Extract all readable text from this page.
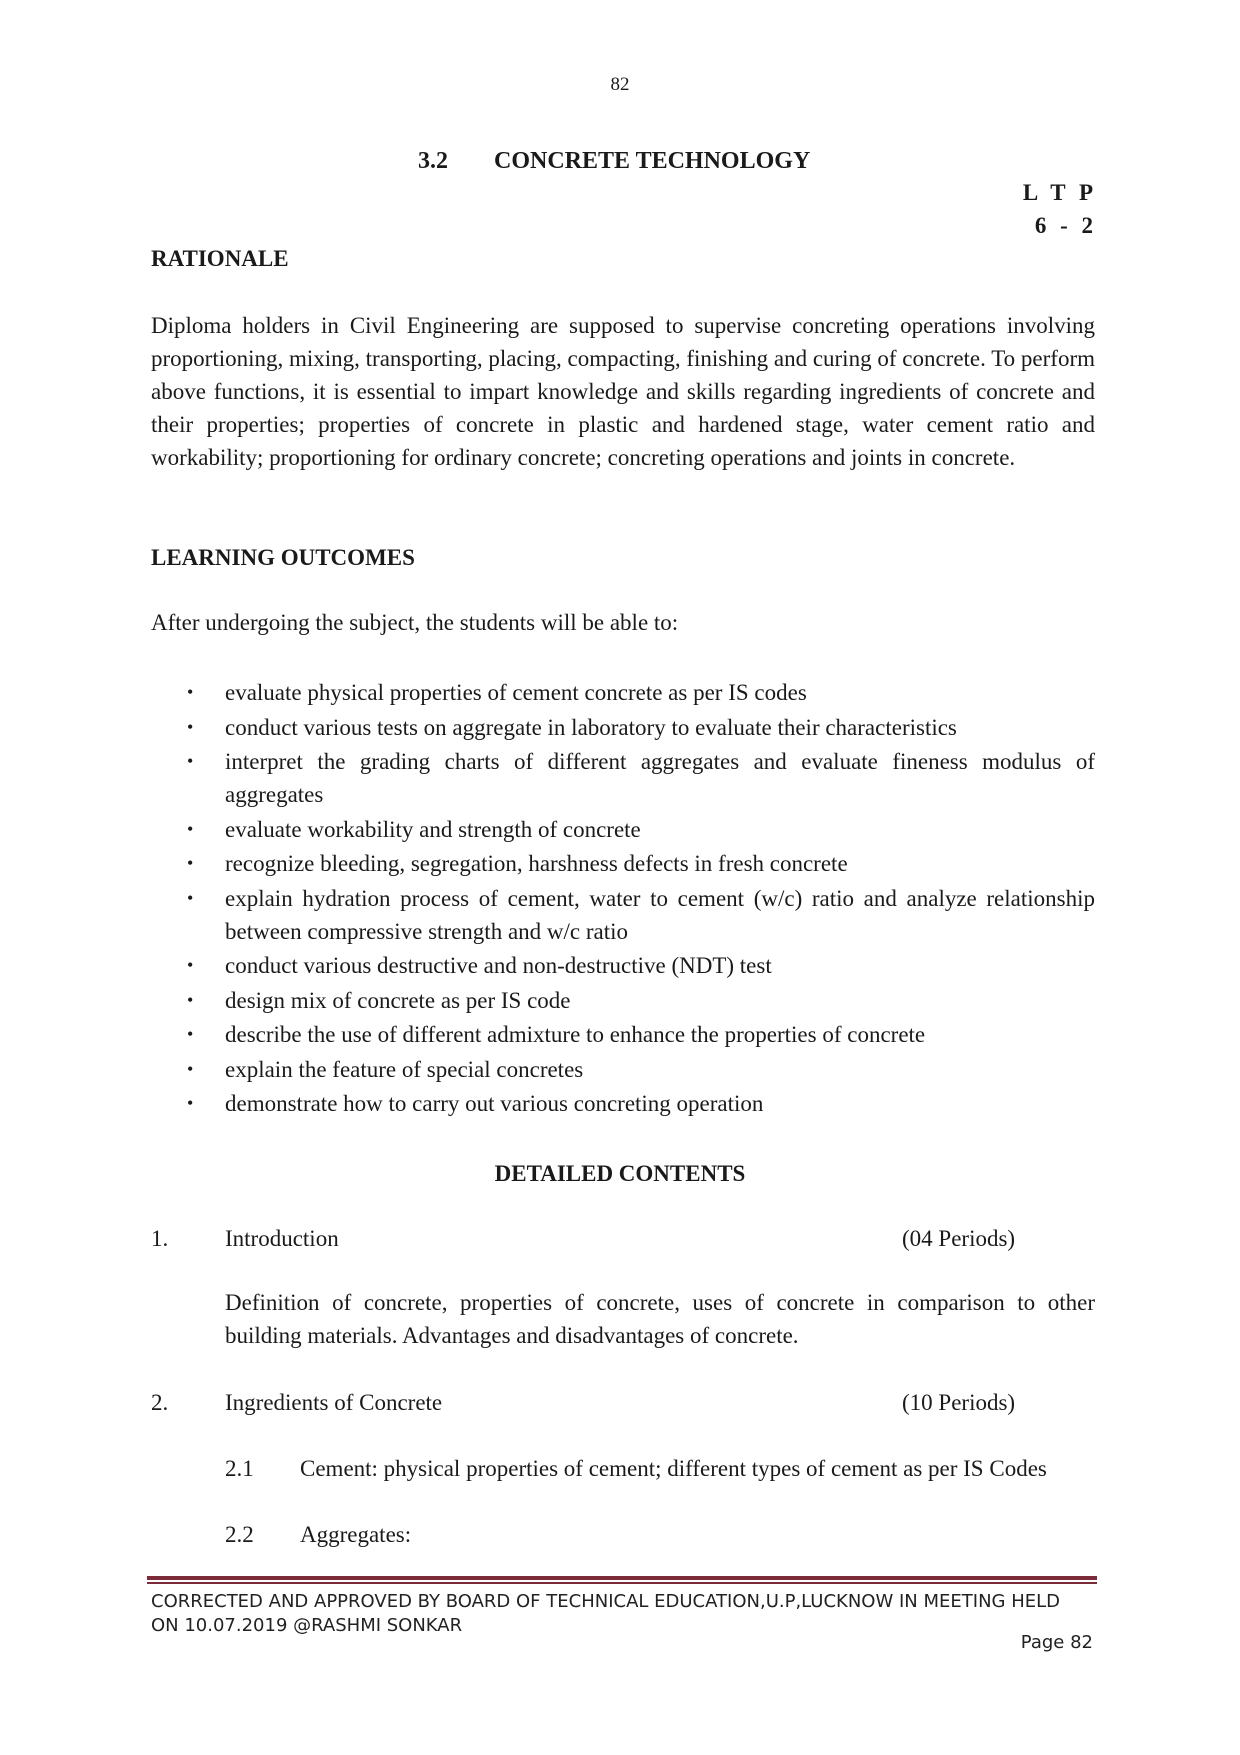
82
3.2 CONCRETE TECHNOLOGY
L T P
6 - 2
RATIONALE
Diploma holders in Civil Engineering are supposed to supervise concreting operations involving proportioning, mixing, transporting, placing, compacting, finishing and curing of concrete. To perform above functions, it is essential to impart knowledge and skills regarding ingredients of concrete and their properties; properties of concrete in plastic and hardened stage, water cement ratio and workability; proportioning for ordinary concrete; concreting operations and joints in concrete.
LEARNING OUTCOMES
After undergoing the subject, the students will be able to:
• evaluate physical properties of cement concrete as per IS codes
• conduct various tests on aggregate in laboratory to evaluate their characteristics
• interpret the grading charts of different aggregates and evaluate fineness modulus of aggregates
• evaluate workability and strength of concrete
• recognize bleeding, segregation, harshness defects in fresh concrete
• explain hydration process of cement, water to cement (w/c) ratio and analyze relationship between compressive strength and w/c ratio
• conduct various destructive and non-destructive (NDT) test
• design mix of concrete as per IS code
• describe the use of different admixture to enhance the properties of concrete
• explain the feature of special concretes
• demonstrate how to carry out various concreting operation
DETAILED CONTENTS
1. Introduction	(04 Periods)
Definition of concrete, properties of concrete, uses of concrete in comparison to other building materials. Advantages and disadvantages of concrete.
2. Ingredients of Concrete	(10 Periods)
2.1 Cement: physical properties of cement; different types of cement as per IS Codes
2.2 Aggregates:
CORRECTED AND APPROVED BY BOARD OF TECHNICAL EDUCATION,U.P,LUCKNOW IN MEETING HELD
ON 10.07.2019 @RASHMI SONKAR
Page 82
